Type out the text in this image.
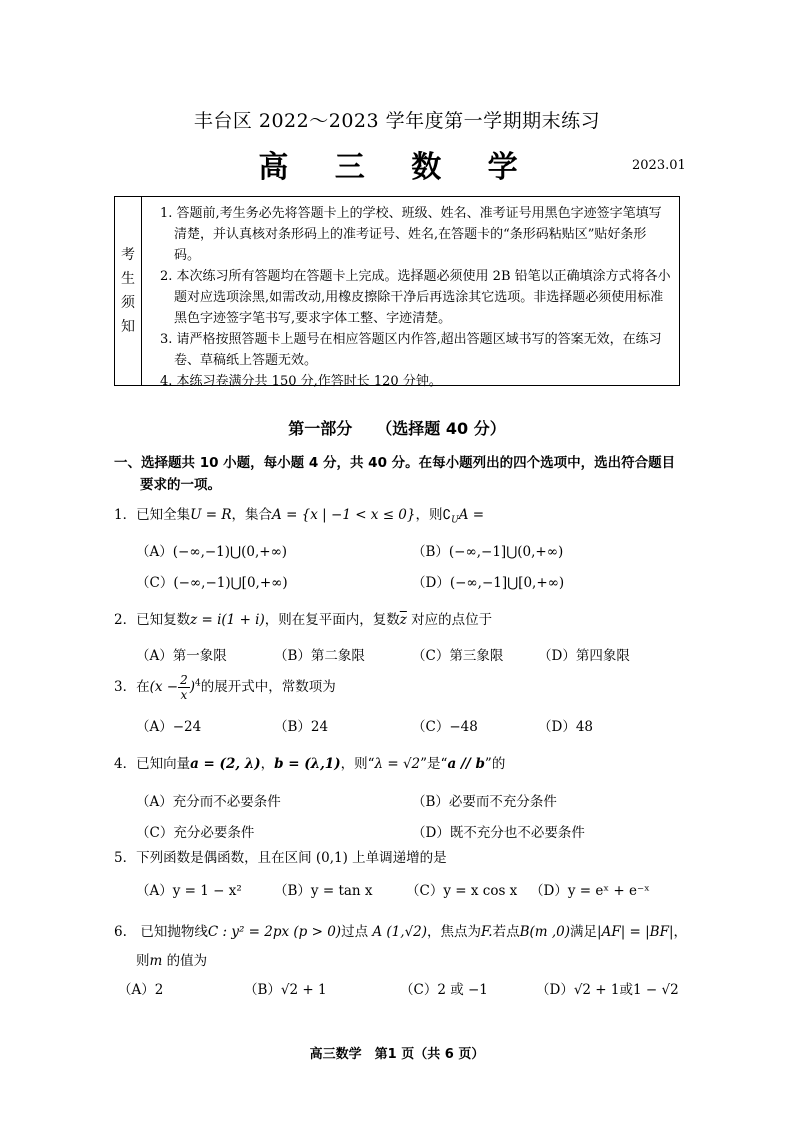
丰台区 2022～2023 学年度第一学期期末练习
高 三 数 学	2023.01
考
生
须
知
1. 答题前,考生务必先将答题卡上的学校、班级、姓名、准考证号用黑色字迹签字笔填写清楚，并认真核对条形码上的准考证号、姓名,在答题卡的“条形码粘贴区”贴好条形码。
2. 本次练习所有答题均在答题卡上完成。选择题必须使用 2B 铅笔以正确填涂方式将各小题对应选项涂黑,如需改动,用橡皮擦除干净后再选涂其它选项。非选择题必须使用标准黑色字迹签字笔书写,要求字体工整、字迹清楚。
3. 请严格按照答题卡上题号在相应答题区内作答,超出答题区域书写的答案无效，在练习卷、草稿纸上答题无效。
4. 本练习卷满分共 150 分,作答时长 120 分钟。
第一部分　　（选择题 40 分）
一、选择题共 10 小题，每小题 4 分，共 40 分。在每小题列出的四个选项中，选出符合题目
要求的一项。
1．已知全集U = R，集合A = {x | −1 < x ≤ 0}，则$∁_UA$ =
（A）(−∞,−1)⋃(0,+∞)	（B）(−∞,−1]⋃(0,+∞)
（C）(−∞,−1)⋃[0,+∞)	（D）(−∞,−1]⋃[0,+∞)
2．已知复数z = i(1 + i)，则在复平面内，复数$\overline{z}$ 对应的点位于
（A）第一象限	（B）第二象限	（C）第三象限	（D）第四象限
3．在$(x - \frac{2}{x} )^4$的展开式中，常数项为
（A）−24	（B）24	（C）−48	（D）48
4．已知向量a = (2, λ)，b = (λ,1)，则“λ = √2”是“a // b”的
（A）充分而不必要条件	（B）必要而不充分条件
（C）充分必要条件	（D）既不充分也不必要条件
5．下列函数是偶函数，且在区间 (0,1) 上单调递增的是
（A）y = 1 − x² （B）y = tan x （C）y = x cos x （D）y = eˣ + e⁻ˣ
6.　已知抛物线C : y² = 2px (p > 0)过点 A (1,√2)，焦点为F.若点B(m ,0)满足|AF| = |BF|，
则m 的值为
（A）2	（B）√2 + 1	（C）2 或 −1	（D）√2 + 1或1 − √2
高三数学　第1 页（共 6 页）
